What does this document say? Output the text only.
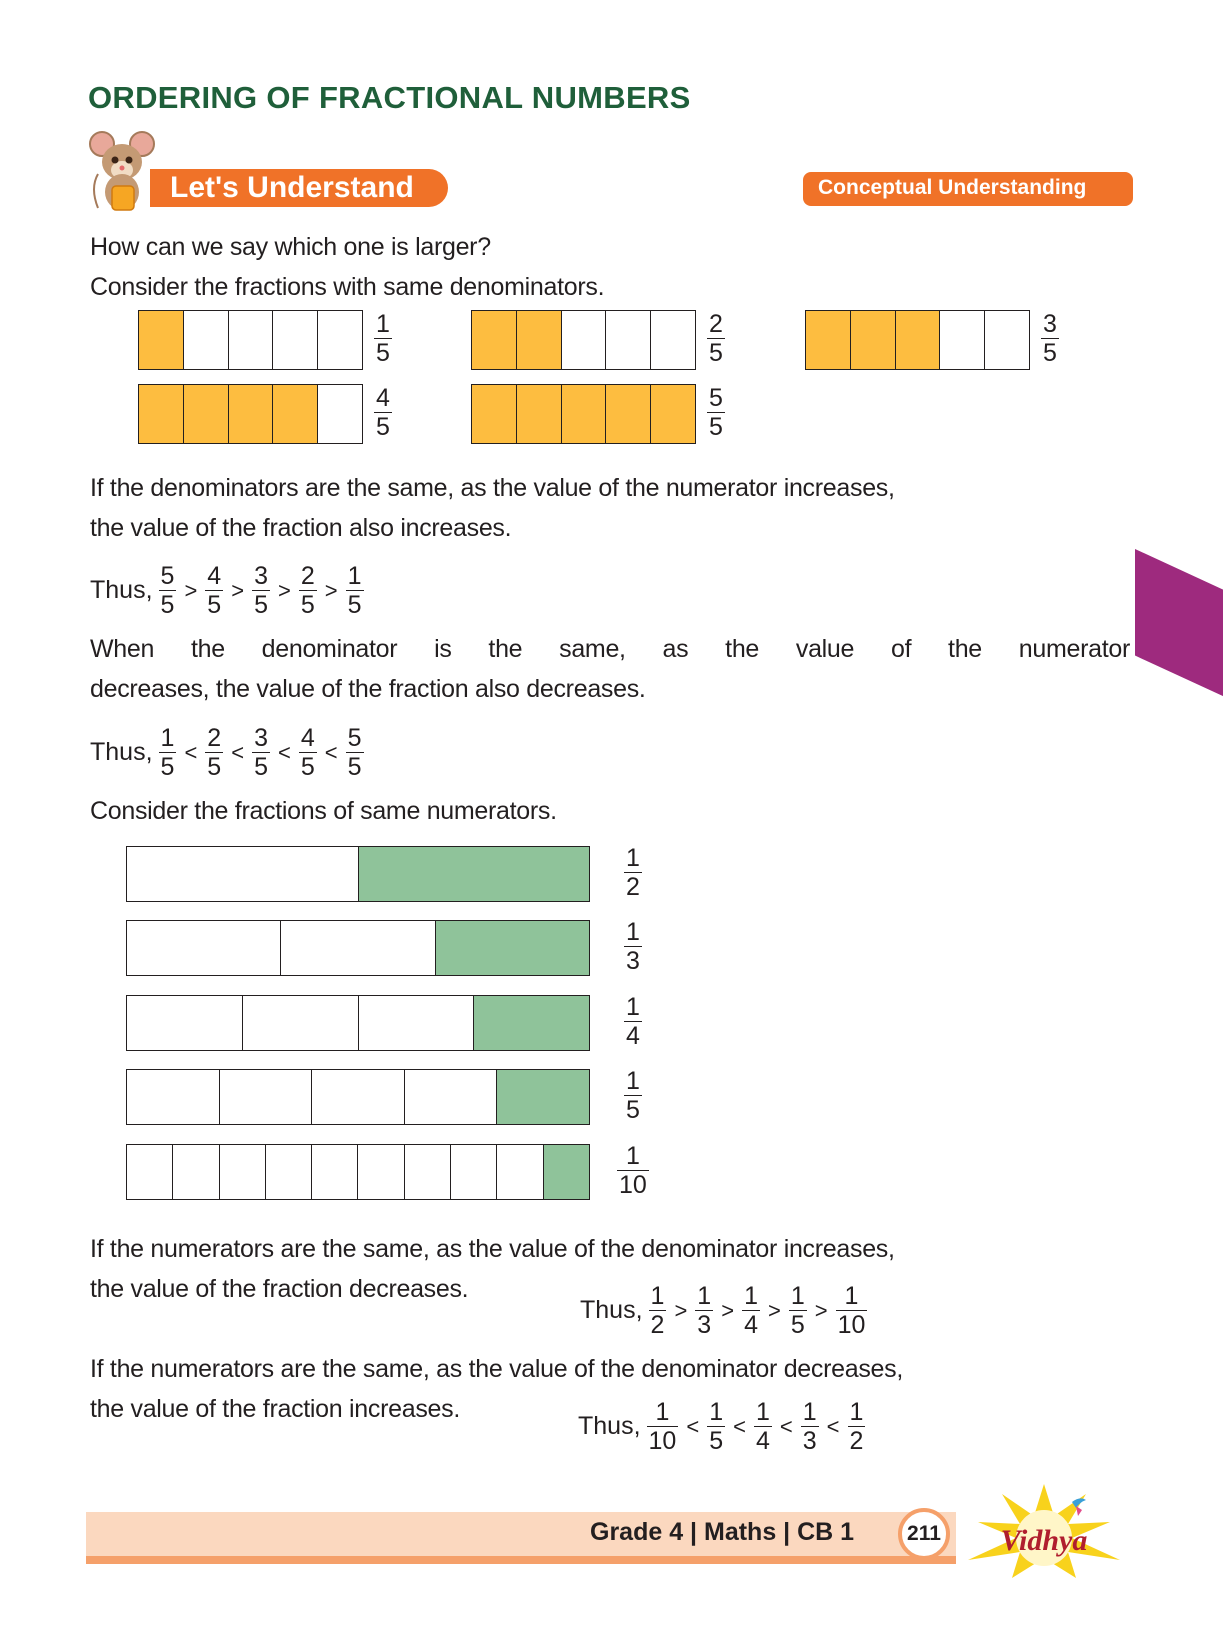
ORDERING OF FRACTIONAL NUMBERS
Let's Understand	Conceptual Understanding
How can we say which one is larger?
Consider the fractions with same denominators.
$\frac{1}{5}$	$\frac{2}{5}$	$\frac{3}{5}$
$\frac{4}{5}$	$\frac{5}{5}$
If the denominators are the same, as the value of the numerator increases,
the value of the fraction also increases.
Thus, $\frac{5}{5} > \frac{4}{5} > \frac{3}{5} > \frac{2}{5} > \frac{1}{5}$
When the denominator is the same, as the value of the numerator
decreases, the value of the fraction also decreases.
Thus, $\frac{1}{5} < \frac{2}{5} < \frac{3}{5} < \frac{4}{5} < \frac{5}{5}$
Consider the fractions of same numerators.
$\frac{1}{2}$
$\frac{1}{3}$
$\frac{1}{4}$
$\frac{1}{5}$
$\frac{1}{10}$
If the numerators are the same, as the value of the denominator increases,
the value of the fraction decreases.
Thus, $\frac{1}{2} > \frac{1}{3} > \frac{1}{4} > \frac{1}{5} > \frac{1}{10}$
If the numerators are the same, as the value of the denominator decreases,
the value of the fraction increases.
Thus, $\frac{1}{10} < \frac{1}{5} < \frac{1}{4} < \frac{1}{3} < \frac{1}{2}$
Grade 4 | Maths | CB 1	211	Vidhya
